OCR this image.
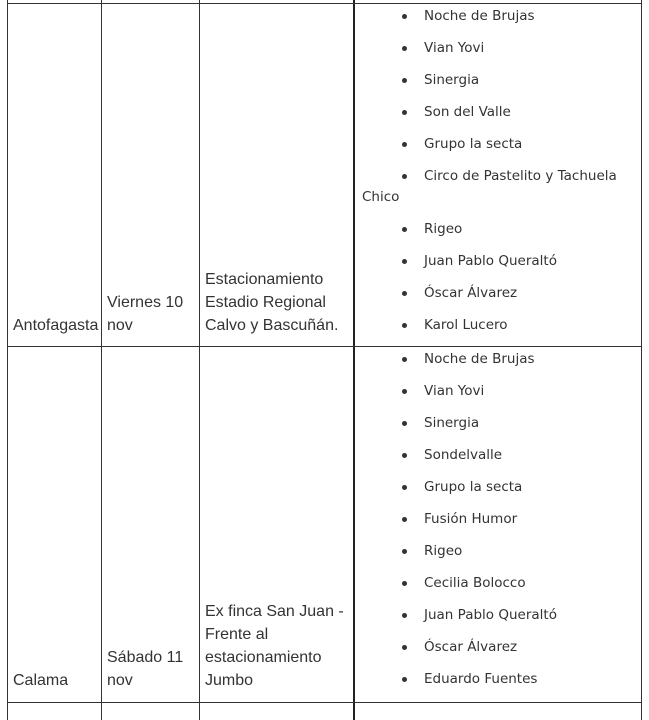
Antofagasta
Viernes 10 nov
Estacionamiento Estadio Regional Calvo y Bascuñán.
Calama
Sábado 11 nov
Ex finca San Juan - Frente al estacionamiento Jumbo
Noche de Brujas
Vian Yovi
Sinergia
Son del Valle
Grupo la secta
Circo de Pastelito y Tachuela Chico
Rigeo
Juan Pablo Queraltó
Óscar Álvarez
Karol Lucero
Noche de Brujas
Vian Yovi
Sinergia
Sondelvalle
Grupo la secta
Fusión Humor
Rigeo
Cecilia Bolocco
Juan Pablo Queraltó
Óscar Álvarez
Eduardo Fuentes
